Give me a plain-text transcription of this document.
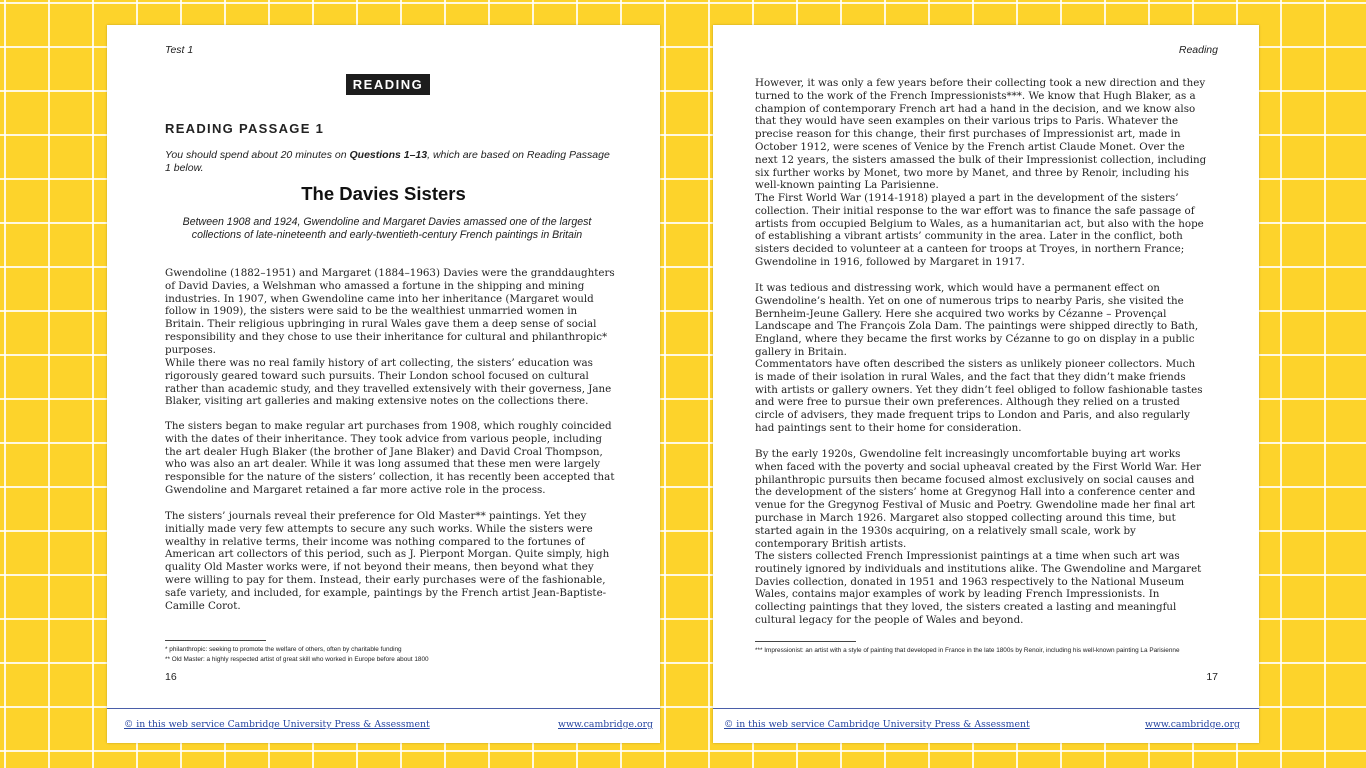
Test 1
READING
READING PASSAGE 1
You should spend about 20 minutes on Questions 1–13, which are based on Reading Passage 1 below.
The Davies Sisters
Between 1908 and 1924, Gwendoline and Margaret Davies amassed one of the largest collections of late-nineteenth and early-twentieth-century French paintings in Britain

Gwendoline (1882–1951) and Margaret (1884–1963) Davies were the granddaughters of David Davies, a Welshman who amassed a fortune in the shipping and mining industries. In 1907, when Gwendoline came into her inheritance (Margaret would follow in 1909), the sisters were said to be the wealthiest unmarried women in Britain. Their religious upbringing in rural Wales gave them a deep sense of social responsibility and they chose to use their inheritance for cultural and philanthropic* purposes.

While there was no real family history of art collecting, the sisters’ education was rigorously geared toward such pursuits. Their London school focused on cultural rather than academic study, and they travelled extensively with their governess, Jane Blaker, visiting art galleries and making extensive notes on the collections there.

The sisters began to make regular art purchases from 1908, which roughly coincided with the dates of their inheritance. They took advice from various people, including the art dealer Hugh Blaker (the brother of Jane Blaker) and David Croal Thompson, who was also an art dealer. While it was long assumed that these men were largely responsible for the nature of the sisters’ collection, it has recently been accepted that Gwendoline and Margaret retained a far more active role in the process.

The sisters’ journals reveal their preference for Old Master** paintings. Yet they initially made very few attempts to secure any such works. While the sisters were wealthy in relative terms, their income was nothing compared to the fortunes of American art collectors of this period, such as J. Pierpont Morgan. Quite simply, high quality Old Master works were, if not beyond their means, then beyond what they were willing to pay for them. Instead, their early purchases were of the fashionable, safe variety, and included, for example, paintings by the French artist Jean-Baptiste-Camille Corot.

* philanthropic: seeking to promote the welfare of others, often by charitable funding

** Old Master: a highly respected artist of great skill who worked in Europe before about 1800

16
© in this web service Cambridge University Press & Assessment	www.cambridge.org
Reading

However, it was only a few years before their collecting took a new direction and they turned to the work of the French Impressionists***. We know that Hugh Blaker, as a champion of contemporary French art had a hand in the decision, and we know also that they would have seen examples on their various trips to Paris. Whatever the precise reason for this change, their first purchases of Impressionist art, made in October 1912, were scenes of Venice by the French artist Claude Monet. Over the next 12 years, the sisters amassed the bulk of their Impressionist collection, including six further works by Monet, two more by Manet, and three by Renoir, including his well-known painting La Parisienne.

The First World War (1914-1918) played a part in the development of the sisters’ collection. Their initial response to the war effort was to finance the safe passage of artists from occupied Belgium to Wales, as a humanitarian act, but also with the hope of establishing a vibrant artists’ community in the area. Later in the conflict, both sisters decided to volunteer at a canteen for troops at Troyes, in northern France; Gwendoline in 1916, followed by Margaret in 1917.

It was tedious and distressing work, which would have a permanent effect on Gwendoline’s health. Yet on one of numerous trips to nearby Paris, she visited the Bernheim-Jeune Gallery. Here she acquired two works by Cézanne – Provençal Landscape and The François Zola Dam. The paintings were shipped directly to Bath, England, where they became the first works by Cézanne to go on display in a public gallery in Britain.

Commentators have often described the sisters as unlikely pioneer collectors. Much is made of their isolation in rural Wales, and the fact that they didn’t make friends with artists or gallery owners. Yet they didn’t feel obliged to follow fashionable tastes and were free to pursue their own preferences. Although they relied on a trusted circle of advisers, they made frequent trips to London and Paris, and also regularly had paintings sent to their home for consideration.

By the early 1920s, Gwendoline felt increasingly uncomfortable buying art works when faced with the poverty and social upheaval created by the First World War. Her philanthropic pursuits then became focused almost exclusively on social causes and the development of the sisters’ home at Gregynog Hall into a conference center and venue for the Gregynog Festival of Music and Poetry. Gwendoline made her final art purchase in March 1926. Margaret also stopped collecting around this time, but started again in the 1930s acquiring, on a relatively small scale, work by contemporary British artists.

The sisters collected French Impressionist paintings at a time when such art was routinely ignored by individuals and institutions alike. The Gwendoline and Margaret Davies collection, donated in 1951 and 1963 respectively to the National Museum Wales, contains major examples of work by leading French Impressionists. In collecting paintings that they loved, the sisters created a lasting and meaningful cultural legacy for the people of Wales and beyond.

*** Impressionist: an artist with a style of painting that developed in France in the late 1800s by Renoir, including his well-known painting La Parisienne

17
© in this web service Cambridge University Press & Assessment	www.cambridge.org
